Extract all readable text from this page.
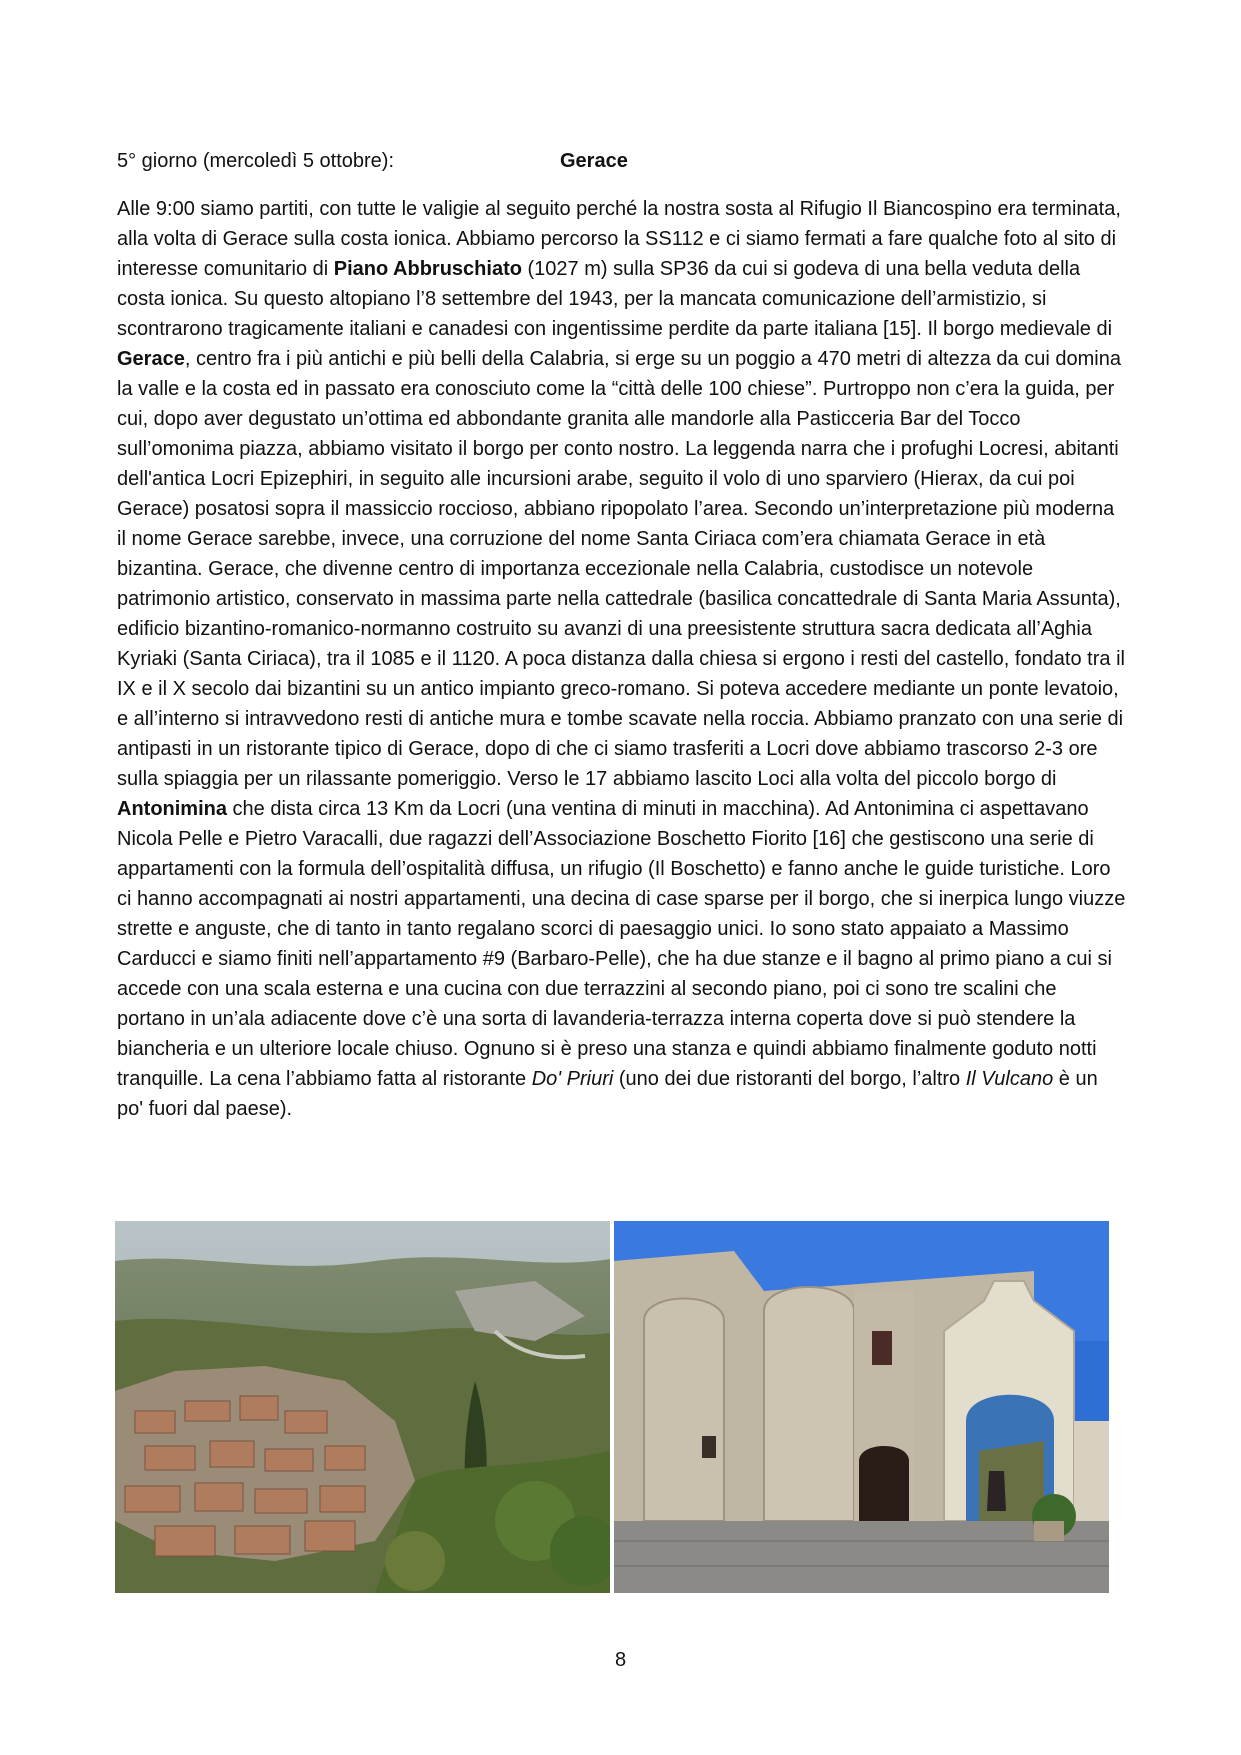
5° giorno (mercoledì 5 ottobre):	Gerace

Alle 9:00 siamo partiti, con tutte le valigie al seguito perché la nostra sosta al Rifugio Il Biancospino era terminata, alla volta di Gerace sulla costa ionica. Abbiamo percorso la SS112 e ci siamo fermati a fare qualche foto al sito di interesse comunitario di Piano Abbruschiato (1027 m) sulla SP36 da cui si godeva di una bella veduta della costa ionica. Su questo altopiano l’8 settembre del 1943, per la mancata comunicazione dell’armistizio, si scontrarono tragicamente italiani e canadesi con ingentissime perdite da parte italiana [15]. Il borgo medievale di Gerace, centro fra i più antichi e più belli della Calabria, si erge su un poggio a 470 metri di altezza da cui domina la valle e la costa ed in passato era conosciuto come la “città delle 100 chiese”. Purtroppo non c’era la guida, per cui, dopo aver degustato un’ottima ed abbondante granita alle mandorle alla Pasticceria Bar del Tocco sull’omonima piazza, abbiamo visitato il borgo per conto nostro. La leggenda narra che i profughi Locresi, abitanti dell'antica Locri Epizephiri, in seguito alle incursioni arabe, seguito il volo di uno sparviero (Hierax, da cui poi Gerace) posatosi sopra il massiccio roccioso, abbiano ripopolato l’area. Secondo un’interpretazione più moderna il nome Gerace sarebbe, invece, una corruzione del nome Santa Ciriaca com’era chiamata Gerace in età bizantina. Gerace, che divenne centro di importanza eccezionale nella Calabria, custodisce un notevole patrimonio artistico, conservato in massima parte nella cattedrale (basilica concattedrale di Santa Maria Assunta), edificio bizantino-romanico-normanno costruito su avanzi di una preesistente struttura sacra dedicata all’Aghia Kyriaki (Santa Ciriaca), tra il 1085 e il 1120. A poca distanza dalla chiesa si ergono i resti del castello, fondato tra il IX e il X secolo dai bizantini su un antico impianto greco-romano. Si poteva accedere mediante un ponte levatoio, e all’interno si intravvedono resti di antiche mura e tombe scavate nella roccia. Abbiamo pranzato con una serie di antipasti in un ristorante tipico di Gerace, dopo di che ci siamo trasferiti a Locri dove abbiamo trascorso 2-3 ore sulla spiaggia per un rilassante pomeriggio. Verso le 17 abbiamo lascito Loci alla volta del piccolo borgo di Antonimina che dista circa 13 Km da Locri (una ventina di minuti in macchina). Ad Antonimina ci aspettavano Nicola Pelle e Pietro Varacalli, due ragazzi dell’Associazione Boschetto Fiorito [16] che gestiscono una serie di appartamenti con la formula dell’ospitalità diffusa, un rifugio (Il Boschetto) e fanno anche le guide turistiche. Loro ci hanno accompagnati ai nostri appartamenti, una decina di case sparse per il borgo, che si inerpica lungo viuzze strette e anguste, che di tanto in tanto regalano scorci di paesaggio unici. Io sono stato appaiato a Massimo Carducci e siamo finiti nell’appartamento #9 (Barbaro-Pelle), che ha due stanze e il bagno al primo piano a cui si accede con una scala esterna e una cucina con due terrazzini al secondo piano, poi ci sono tre scalini che portano in un’ala adiacente dove c’è una sorta di lavanderia-terrazza interna coperta dove si può stendere la biancheria e un ulteriore locale chiuso. Ognuno si è preso una stanza e quindi abbiamo finalmente goduto notti tranquille. La cena l’abbiamo fatta al ristorante Do' Priuri (uno dei due ristoranti del borgo, l’altro Il Vulcano è un po' fuori dal paese).

8
